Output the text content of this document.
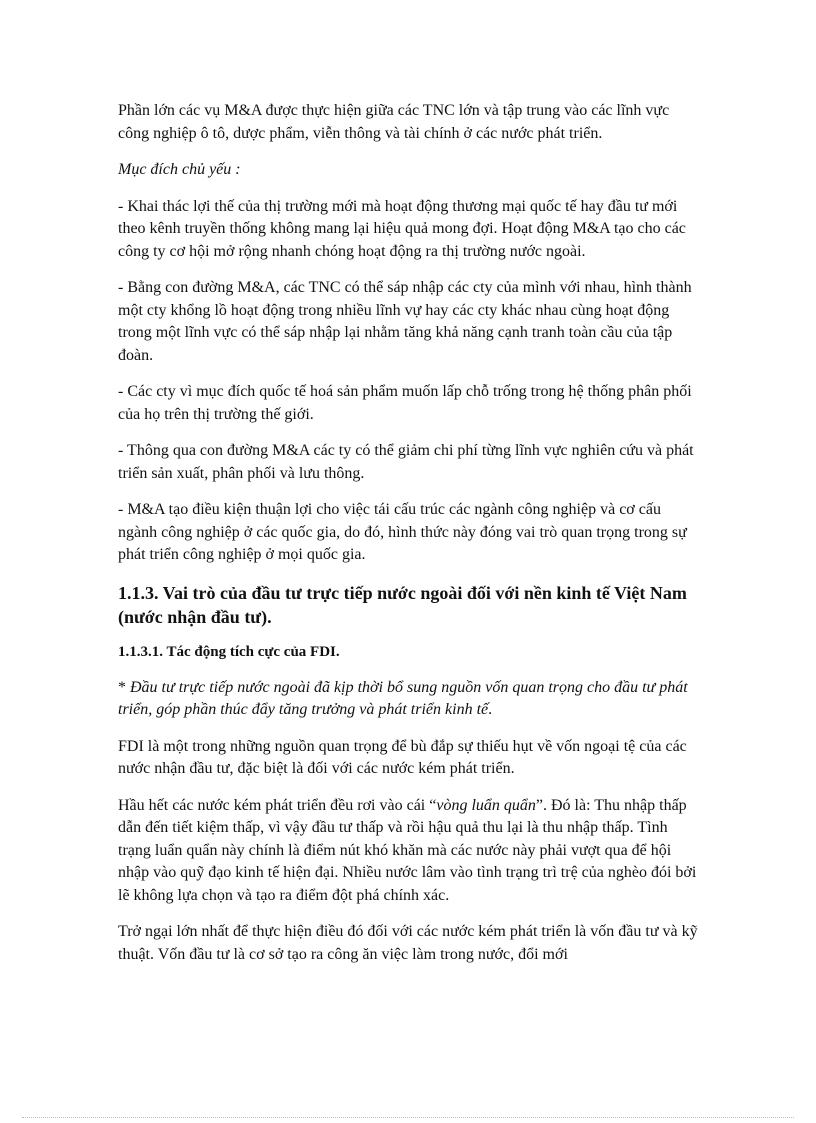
Phần lớn các vụ M&A được thực hiện giữa các TNC lớn và tập trung vào các lĩnh vực công nghiệp ô tô, dược phẩm, viễn thông và tài chính ở các nước phát triển.

Mục đích chủ yếu :

- Khai thác lợi thế của thị trường mới mà hoạt động thương mại quốc tế hay đầu tư mới theo kênh truyền thống không mang lại hiệu quả mong đợi. Hoạt động M&A tạo cho các công ty cơ hội mở rộng nhanh chóng hoạt động ra thị trường nước ngoài.

- Bằng con đường M&A, các TNC có thể sáp nhập các cty của mình với nhau, hình thành một cty khổng lồ hoạt động trong nhiều lĩnh vự hay các cty khác nhau cùng hoạt động trong một lĩnh vực có thể sáp nhập lại nhằm tăng khả năng cạnh tranh toàn cầu của tập đoàn.

- Các cty vì mục đích quốc tế hoá sản phẩm muốn lấp chỗ trống trong hệ thống phân phối của họ trên thị trường thế giới.

- Thông qua con đường M&A các ty có thể giảm chi phí từng lĩnh vực nghiên cứu và phát triển sản xuất, phân phối và lưu thông.

- M&A tạo điều kiện thuận lợi cho việc tái cấu trúc các ngành công nghiệp và cơ cấu ngành công nghiệp ở các quốc gia, do đó, hình thức này đóng vai trò quan trọng trong sự phát triển công nghiệp ở mọi quốc gia.

1.1.3. Vai trò của đầu tư trực tiếp nước ngoài đối với nền kinh tế Việt Nam (nước nhận đầu tư).
1.1.3.1. Tác động tích cực của FDI.

* Đầu tư trực tiếp nước ngoài đã kịp thời bổ sung nguồn vốn quan trọng cho đầu tư phát triển, góp phần thúc đẩy tăng trưởng và phát triển kinh tế.

FDI là một trong những nguồn quan trọng để bù đắp sự thiếu hụt về vốn ngoại tệ của các nước nhận đầu tư, đặc biệt là đối với các nước kém phát triển.

Hầu hết các nước kém phát triển đều rơi vào cái “vòng luẩn quẩn”. Đó là: Thu nhập thấp dẫn đến tiết kiệm thấp, vì vậy đầu tư thấp và rồi hậu quả thu lại là thu nhập thấp. Tình trạng luẩn quẩn này chính là điểm nút khó khăn mà các nước này phải vượt qua để hội nhập vào quỹ đạo kinh tế hiện đại. Nhiều nước lâm vào tình trạng trì trệ của nghèo đói bởi lẽ không lựa chọn và tạo ra điểm đột phá chính xác.

Trở ngại lớn nhất để thực hiện điều đó đối với các nước kém phát triển là vốn đầu tư và kỹ thuật. Vốn đầu tư là cơ sở tạo ra công ăn việc làm trong nước, đổi mới
